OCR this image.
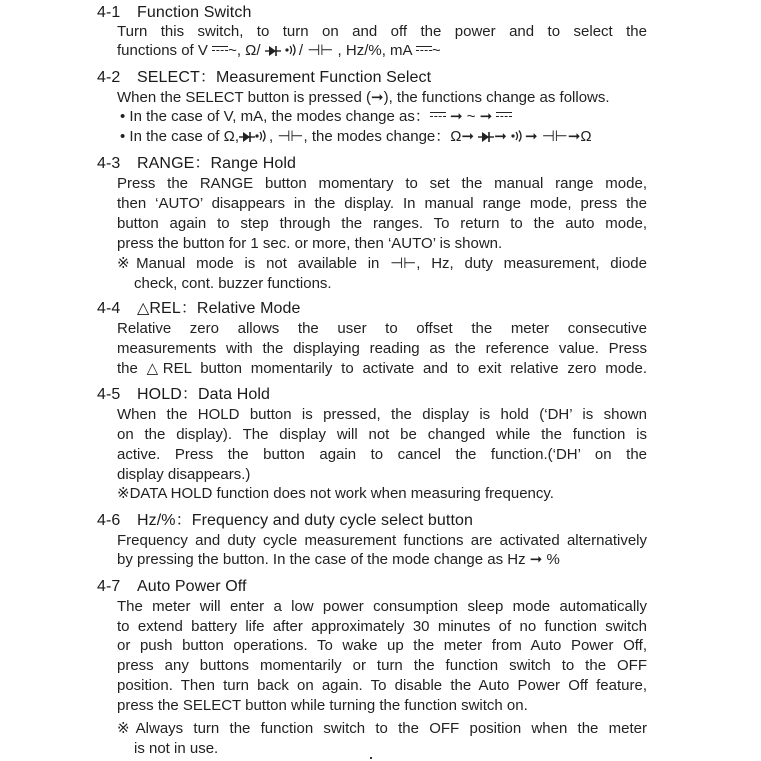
4-1 Function Switch
Turn this switch, to turn on and off the power and to select the
functions of V ~, Ω/	/ ⊣⊢ , Hz/%, mA ~
4-2 SELECT：Measurement Function Select
When the SELECT button is pressed (➞), the functions change as follows.
• In the case of V, mA, the modes change as： ➞ ~ ➞
• In the case of Ω, , ⊣⊢, the modes change：Ω➞ ➞ ➞ ⊣⊢➞Ω
4-3 RANGE：Range Hold
Press the RANGE button momentary to set the manual range mode,
then ‘AUTO’ disappears in the display. In manual range mode, press the
button again to step through the ranges. To return to the auto mode,
press the button for 1 sec. or more, then ‘AUTO’ is shown.
※Manual mode is not available in ⊣⊢, Hz, duty measurement, diode
check, cont. buzzer functions.
4-4 △REL：Relative Mode
Relative zero allows the user to offset the meter consecutive
measurements with the displaying reading as the reference value. Press
the △REL button momentarily to activate and to exit relative zero mode.
4-5 HOLD：Data Hold
When the HOLD button is pressed, the display is hold (‘DH’ is shown
on the display). The display will not be changed while the function is
active. Press the button again to cancel the function.(‘DH’ on the
display disappears.)
※DATA HOLD function does not work when measuring frequency.
4-6 Hz/%：Frequency and duty cycle select button
Frequency and duty cycle measurement functions are activated alternatively
by pressing the button. In the case of the mode change as Hz ➞ %
4-7 Auto Power Off
The meter will enter a low power consumption sleep mode automatically
to extend battery life after approximately 30 minutes of no function switch
or push button operations. To wake up the meter from Auto Power Off,
press any buttons momentarily or turn the function switch to the OFF
position. Then turn back on again. To disable the Auto Power Off feature,
press the SELECT button while turning the function switch on.
※Always turn the function switch to the OFF position when the meter
is not in use.
